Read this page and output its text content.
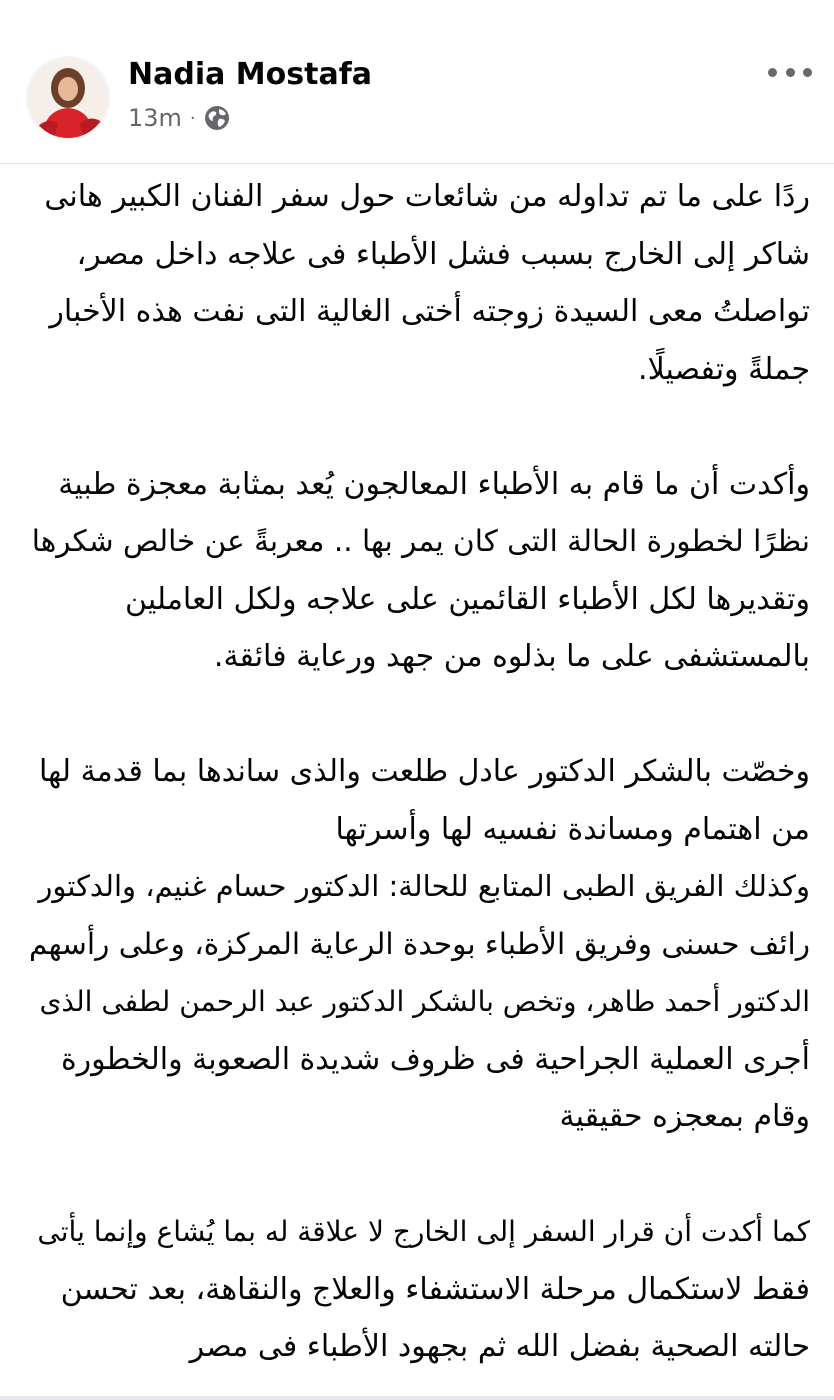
Nadia Mostafa
13m ·
ردًا على ما تم تداوله من شائعات حول سفر الفنان الكبير هانى
شاكر إلى الخارج بسبب فشل الأطباء فى علاجه داخل مصر،
تواصلتُ معى السيدة زوجته أختى الغالية التى نفت هذه الأخبار
جملةً وتفصيلًا.
وأكدت أن ما قام به الأطباء المعالجون يُعد بمثابة معجزة طبية
نظرًا لخطورة الحالة التى كان يمر بها .. معربةً عن خالص شكرها
وتقديرها لكل الأطباء القائمين على علاجه ولكل العاملين
بالمستشفى على ما بذلوه من جهد ورعاية فائقة.
وخصّت بالشكر الدكتور عادل طلعت والذى ساندها بما قدمة لها
من اهتمام ومساندة نفسيه لها وأسرتها
وكذلك الفريق الطبى المتابع للحالة: الدكتور حسام غنيم، والدكتور
رائف حسنى وفريق الأطباء بوحدة الرعاية المركزة، وعلى رأسهم
الدكتور أحمد طاهر، وتخص بالشكر الدكتور عبد الرحمن لطفى الذى
أجرى العملية الجراحية فى ظروف شديدة الصعوبة والخطورة
وقام بمعجزه حقيقية
كما أكدت أن قرار السفر إلى الخارج لا علاقة له بما يُشاع وإنما يأتى
فقط لاستكمال مرحلة الاستشفاء والعلاج والنقاهة، بعد تحسن
حالته الصحية بفضل الله ثم بجهود الأطباء فى مصر
